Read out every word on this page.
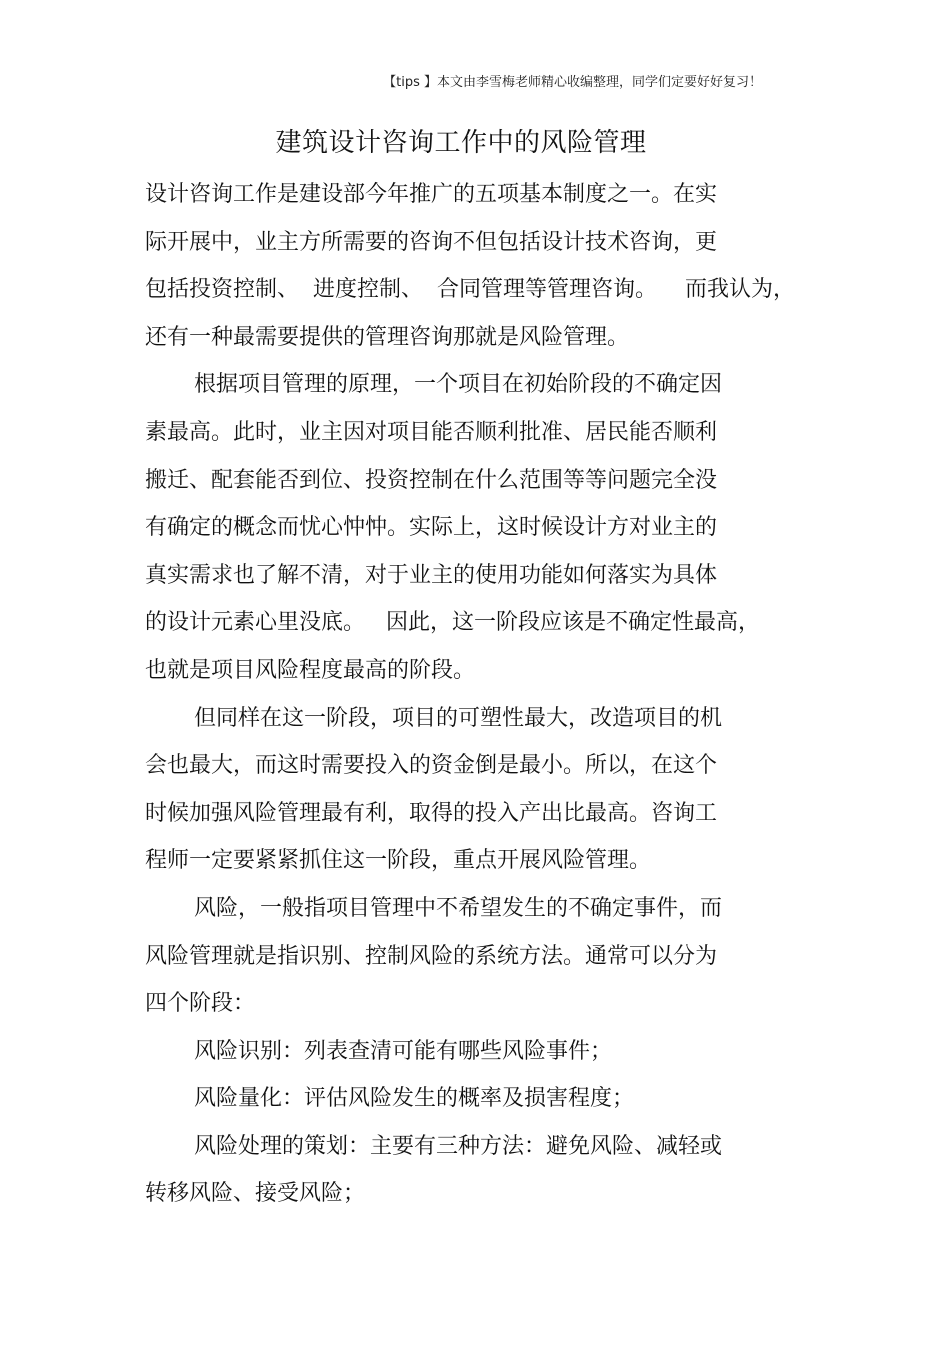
【tips 】本文由李雪梅老师精心收编整理，同学们定要好好复习！
建筑设计咨询工作中的风险管理
设计咨询工作是建设部今年推广的五项基本制度之一。在实
际开展中，业主方所需要的咨询不但包括设计技术咨询，更
包括投资控制、  进度控制、  合同管理等管理咨询。    而我认为，
还有一种最需要提供的管理咨询那就是风险管理。
根据项目管理的原理，一个项目在初始阶段的不确定因
素最高。此时，业主因对项目能否顺利批准、居民能否顺利
搬迁、配套能否到位、投资控制在什么范围等等问题完全没
有确定的概念而忧心忡忡。实际上，这时候设计方对业主的
真实需求也了解不清，对于业主的使用功能如何落实为具体
的设计元素心里没底。   因此，这一阶段应该是不确定性最高，
也就是项目风险程度最高的阶段。
但同样在这一阶段，项目的可塑性最大，改造项目的机
会也最大，而这时需要投入的资金倒是最小。所以，在这个
时候加强风险管理最有利，取得的投入产出比最高。咨询工
程师一定要紧紧抓住这一阶段，重点开展风险管理。
风险，一般指项目管理中不希望发生的不确定事件，而
风险管理就是指识别、控制风险的系统方法。通常可以分为
四个阶段：
风险识别：列表查清可能有哪些风险事件；
风险量化：评估风险发生的概率及损害程度；
风险处理的策划：主要有三种方法：避免风险、减轻或
转移风险、接受风险；
